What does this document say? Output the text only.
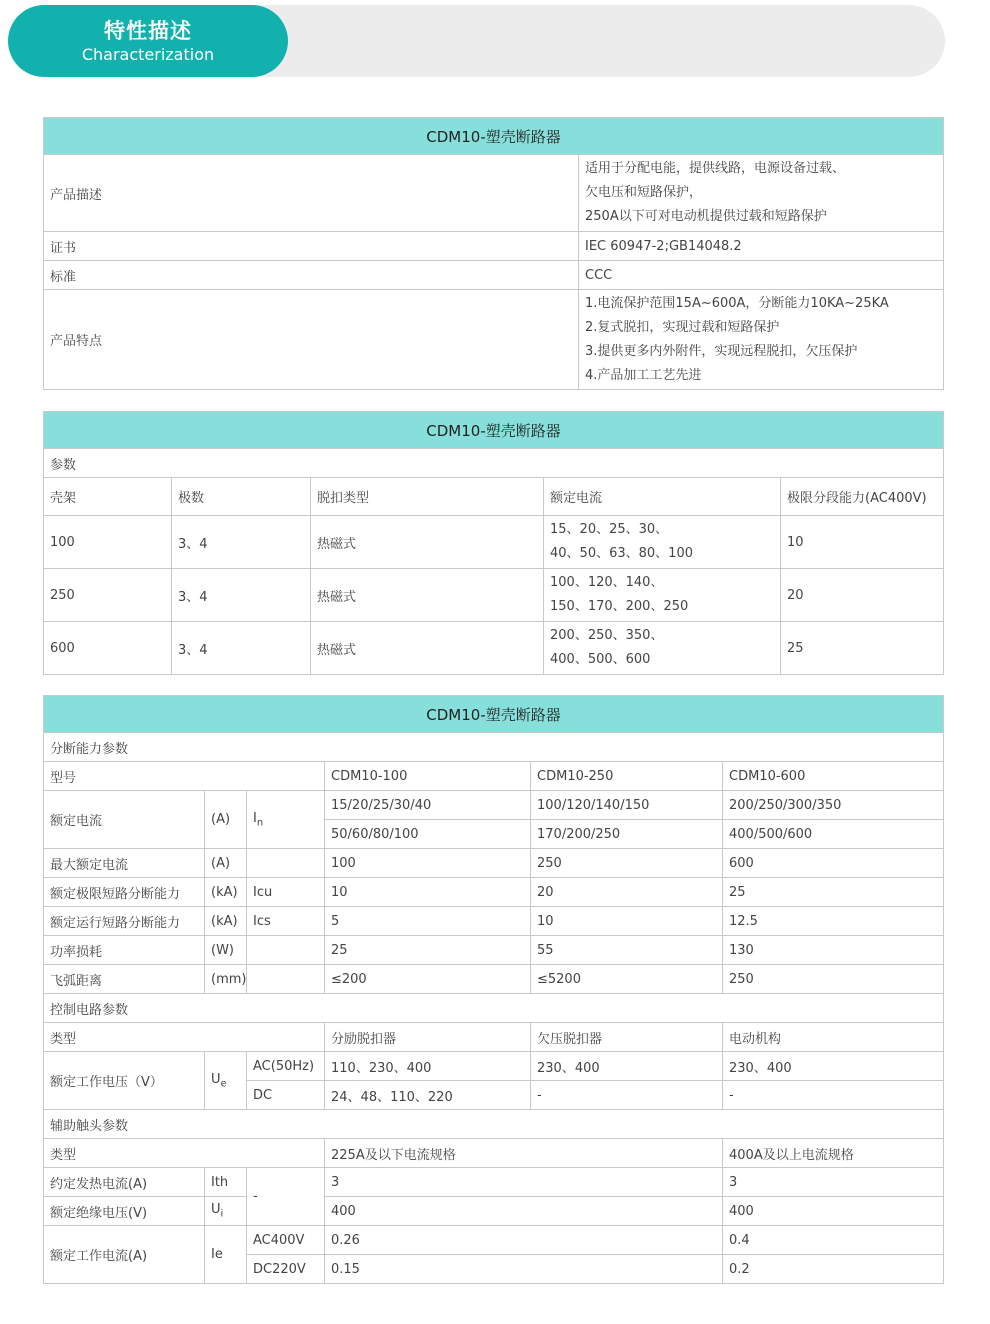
特性描述
Characterization
CDM10-塑壳断路器	
产品描述	适用于分配电能，提供线路，电源设备过载、
欠电压和短路保护，
250A以下可对电动机提供过载和短路保护

证书	IEC 60947-2;GB14048.2
标准	CCC
产品特点	1.电流保护范围15A~600A，分断能力10KA~25KA
2.复式脱扣，实现过载和短路保护
3.提供更多内外附件，实现远程脱扣，欠压保护
4.产品加工工艺先进
CDM10-塑壳断路器				
参数				
壳架	极数	脱扣类型	额定电流	极限分段能力(AC400V)
100	3、4	热磁式	15、20、25、30、
40、50、63、80、100	10
250	3、4	热磁式	100、120、140、
150、170、200、250	20
600	3、4	热磁式	200、250、350、
400、500、600	25
CDM10-塑壳断路器					
分断能力参数					
型号			CDM10-100	CDM10-250	CDM10-600
额定电流	(A)	$I_n$	15/20/25/30/40	100/120/140/150	200/250/300/350
			50/60/80/100	170/200/250	400/500/600
最大额定电流	(A)		100	250	600
额定极限短路分断能力	(kA)	Icu	10	20	25
额定运行短路分断能力	(kA)	Ics	5	10	12.5
功率损耗	(W)		25	55	130
飞弧距离	(mm)		≤200	≤5200	250
控制电路参数					
类型			分励脱扣器	欠压脱扣器	电动机构
额定工作电压（V）	$U_e$	AC(50Hz)	110、230、400	230、400	230、400
		DC	24、48、110、220	-	-
辅助触头参数					
类型			225A及以下电流规格		400A及以上电流规格
约定发热电流(A)	Ith	-	3		3
额定绝缘电压(V)	$U_i$		400		400
额定工作电流(A)	Ie	AC400V	0.26		0.4
		DC220V	0.15		0.2
